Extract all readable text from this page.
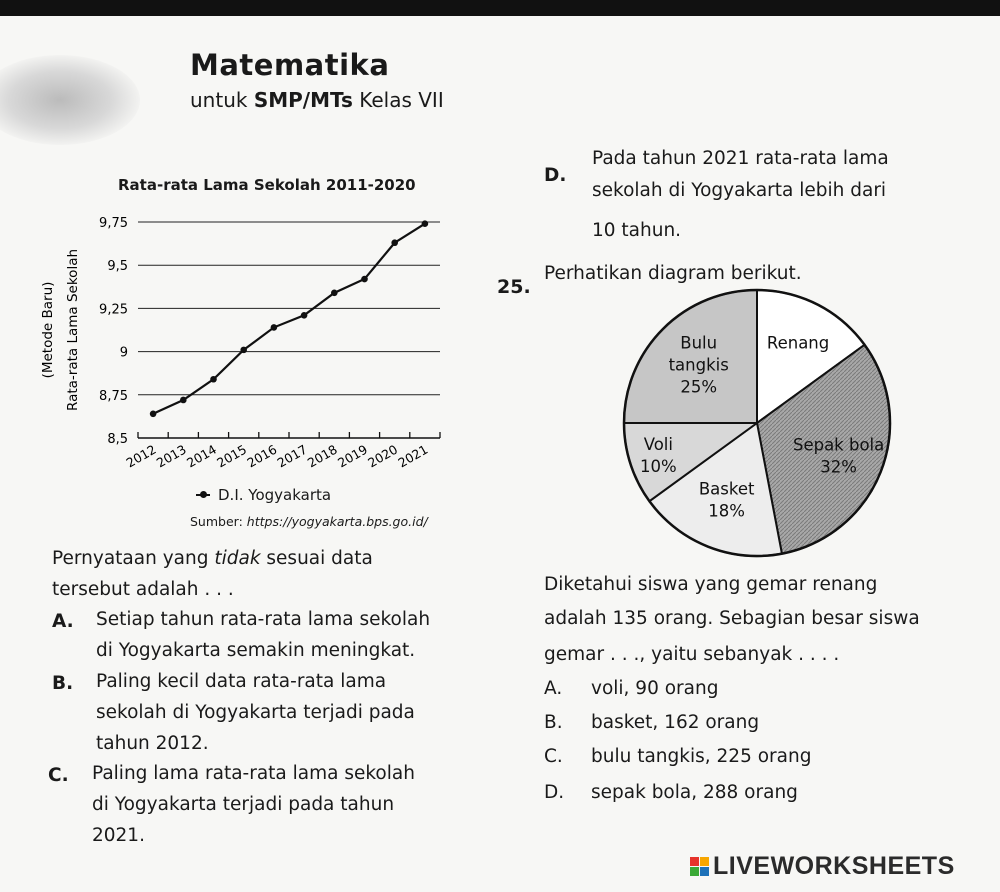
Matematika
untuk SMP/MTs Kelas VII
Rata-rata Lama Sekolah 2011-2020
8,5
8,75
9
9,25
9,5
9,75
2012
2013
2014
2015
2016
2017
2018
2019
2020
2021
(Metode Baru) Rata-rata Lama Sekolah
D.I. Yogyakarta
Sumber: https://yogyakarta.bps.go.id/
Pernyataan yang tidak sesuai data
tersebut adalah . . .
A. Setiap tahun rata-rata lama sekolah
di Yogyakarta semakin meningkat.
B. Paling kecil data rata-rata lama
sekolah di Yogyakarta terjadi pada
tahun 2012.
C. Paling lama rata-rata lama sekolah
di Yogyakarta terjadi pada tahun
2021.
D.
Pada tahun 2021 rata-rata lama
sekolah di Yogyakarta lebih dari
10 tahun.
25.
Perhatikan diagram berikut.
Renang
Sepak bola
32%
Basket
18%
Voli
10%
Bulu
tangkis
25%
Diketahui siswa yang gemar renang
adalah 135 orang. Sebagian besar siswa
gemar . . ., yaitu sebanyak . . . .
A. voli, 90 orang
B. basket, 162 orang
C. bulu tangkis, 225 orang
D. sepak bola, 288 orang
LIVEWORKSHEETS
